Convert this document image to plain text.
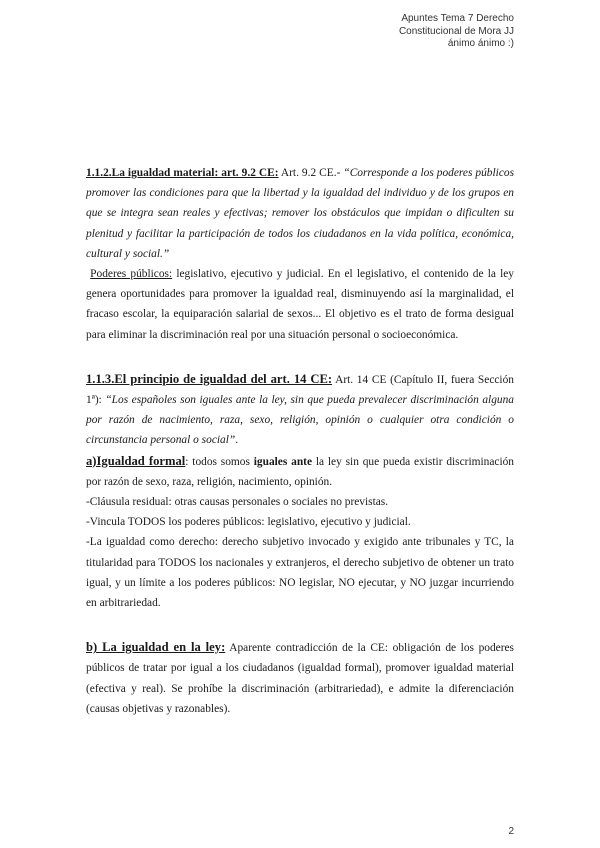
Apuntes Tema 7 Derecho
Constitucional de Mora JJ
ánimo ánimo :)

1.1.2.La igualdad material: art. 9.2 CE: Art. 9.2 CE.- “Corresponde a los poderes públicos promover las condiciones para que la libertad y la igualdad del individuo y de los grupos en que se integra sean reales y efectivas; remover los obstáculos que impidan o dificulten su plenitud y facilitar la participación de todos los ciudadanos en la vida política, económica, cultural y social.”

Poderes públicos: legislativo, ejecutivo y judicial. En el legislativo, el contenido de la ley genera oportunidades para promover la igualdad real, disminuyendo así la marginalidad, el fracaso escolar, la equiparación salarial de sexos... El objetivo es el trato de forma desigual para eliminar la discriminación real por una situación personal o socioeconómica.

1.1.3.El principio de igualdad del art. 14 CE: Art. 14 CE (Capítulo II, fuera Sección 1ª): “Los españoles son iguales ante la ley, sin que pueda prevalecer discriminación alguna por razón de nacimiento, raza, sexo, religión, opinión o cualquier otra condición o circunstancia personal o social”.

a)Igualdad formal: todos somos iguales ante la ley sin que pueda existir discriminación por razón de sexo, raza, religión, nacimiento, opinión.

-Cláusula residual: otras causas personales o sociales no previstas.

-Vincula TODOS los poderes públicos: legislativo, ejecutivo y judicial.

-La igualdad como derecho: derecho subjetivo invocado y exigido ante tribunales y TC, la titularidad para TODOS los nacionales y extranjeros, el derecho subjetivo de obtener un trato igual, y un límite a los poderes públicos: NO legislar, NO ejecutar, y NO juzgar incurriendo en arbitrariedad.

b) La igualdad en la ley: Aparente contradicción de la CE: obligación de los poderes públicos de tratar por igual a los ciudadanos (igualdad formal), promover igualdad material (efectiva y real). Se prohíbe la discriminación (arbitrariedad), e admite la diferenciación (causas objetivas y razonables).

2
